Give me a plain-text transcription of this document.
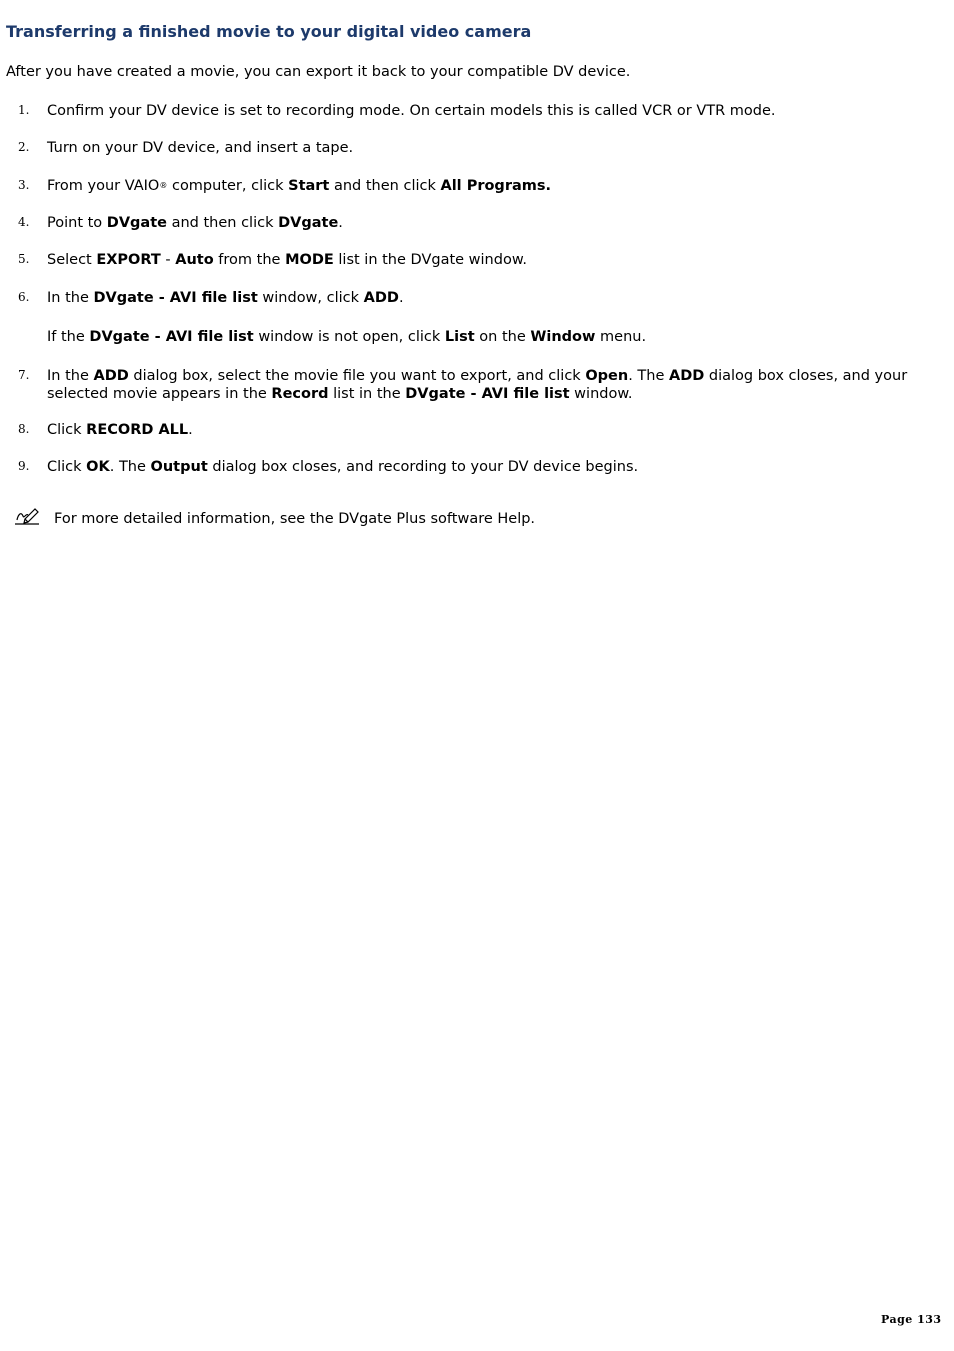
Transferring a finished movie to your digital video camera

After you have created a movie, you can export it back to your compatible DV device.

1. Confirm your DV device is set to recording mode. On certain models this is called VCR or VTR mode.
2. Turn on your DV device, and insert a tape.
3. From your VAIO® computer, click Start and then click All Programs.
4. Point to DVgate and then click DVgate.
5. Select EXPORT - Auto from the MODE list in the DVgate window.
6. In the DVgate - AVI file list window, click ADD.
If the DVgate - AVI file list window is not open, click List on the Window menu.
7. In the ADD dialog box, select the movie file you want to export, and click Open. The ADD dialog box closes, and your selected movie appears in the Record list in the DVgate - AVI file list window.
8. Click RECORD ALL.
9. Click OK. The Output dialog box closes, and recording to your DV device begins.
For more detailed information, see the DVgate Plus software Help.
Page 133
